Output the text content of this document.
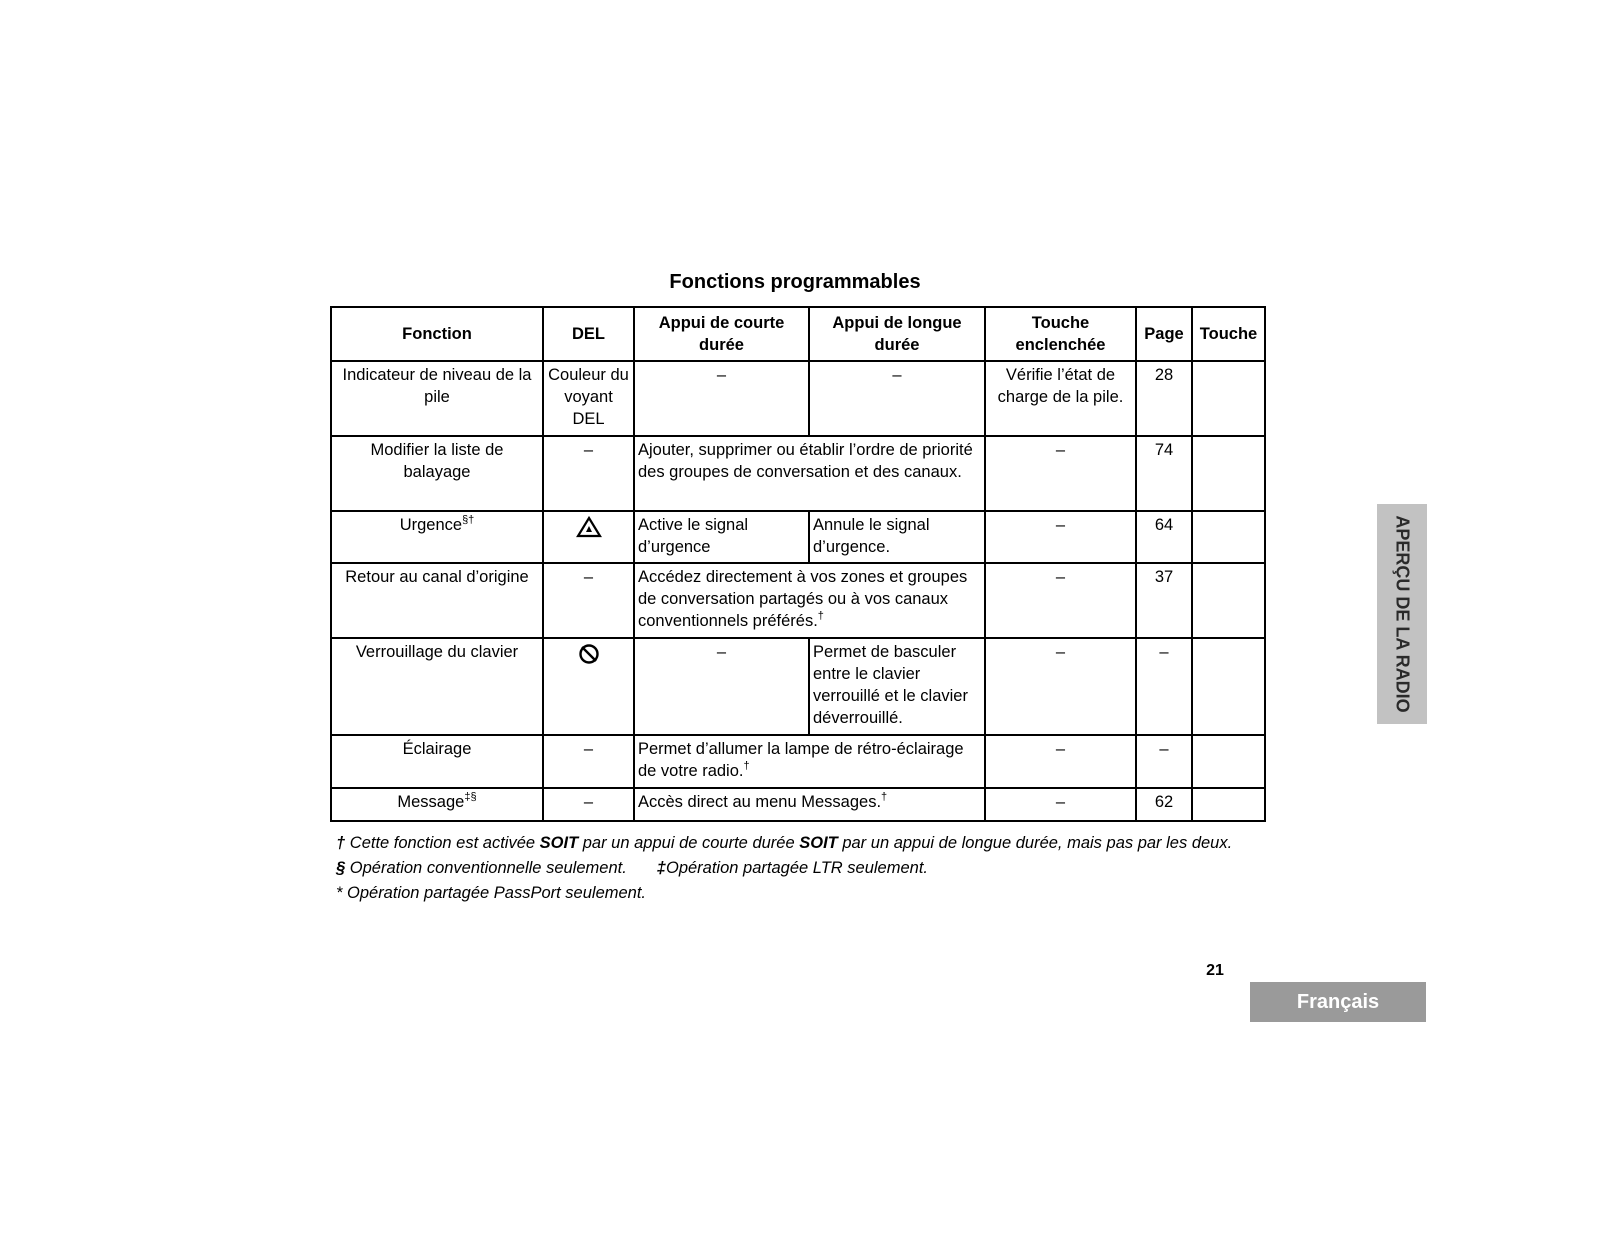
Fonctions programmables
Fonction	DEL	Appui de courte durée	Appui de longue durée	Touche enclenchée	Page	Touche
Indicateur de niveau de la pile	Couleur du voyant DEL	–	–	Vérifie l’état de charge de la pile.	28	
Modifier la liste de balayage	–	Ajouter, supprimer ou établir l’ordre de priorité des groupes de conversation et des canaux.		–	74	
Urgence§†		Active le signal d’urgence	Annule le signal d’urgence.	–	64	
Retour au canal d’origine	–	Accédez directement à vos zones et groupes de conversation partagés ou à vos canaux conventionnels préférés.†		–	37	
Verrouillage du clavier		–	Permet de basculer entre le clavier verrouillé et le clavier déverrouillé.	–	–	
Éclairage	–	Permet d’allumer la lampe de rétro-éclairage de votre radio.†		–	–	
Message‡§	–	Accès direct au menu Messages.†		–	62	

† Cette fonction est activée SOIT par un appui de courte durée SOIT par un appui de longue durée, mais pas par les deux.

§ Opération conventionnelle seulement. ‡Opération partagée LTR seulement.

* Opération partagée PassPort seulement.

21
Français
APERÇU DE LA RADIO
